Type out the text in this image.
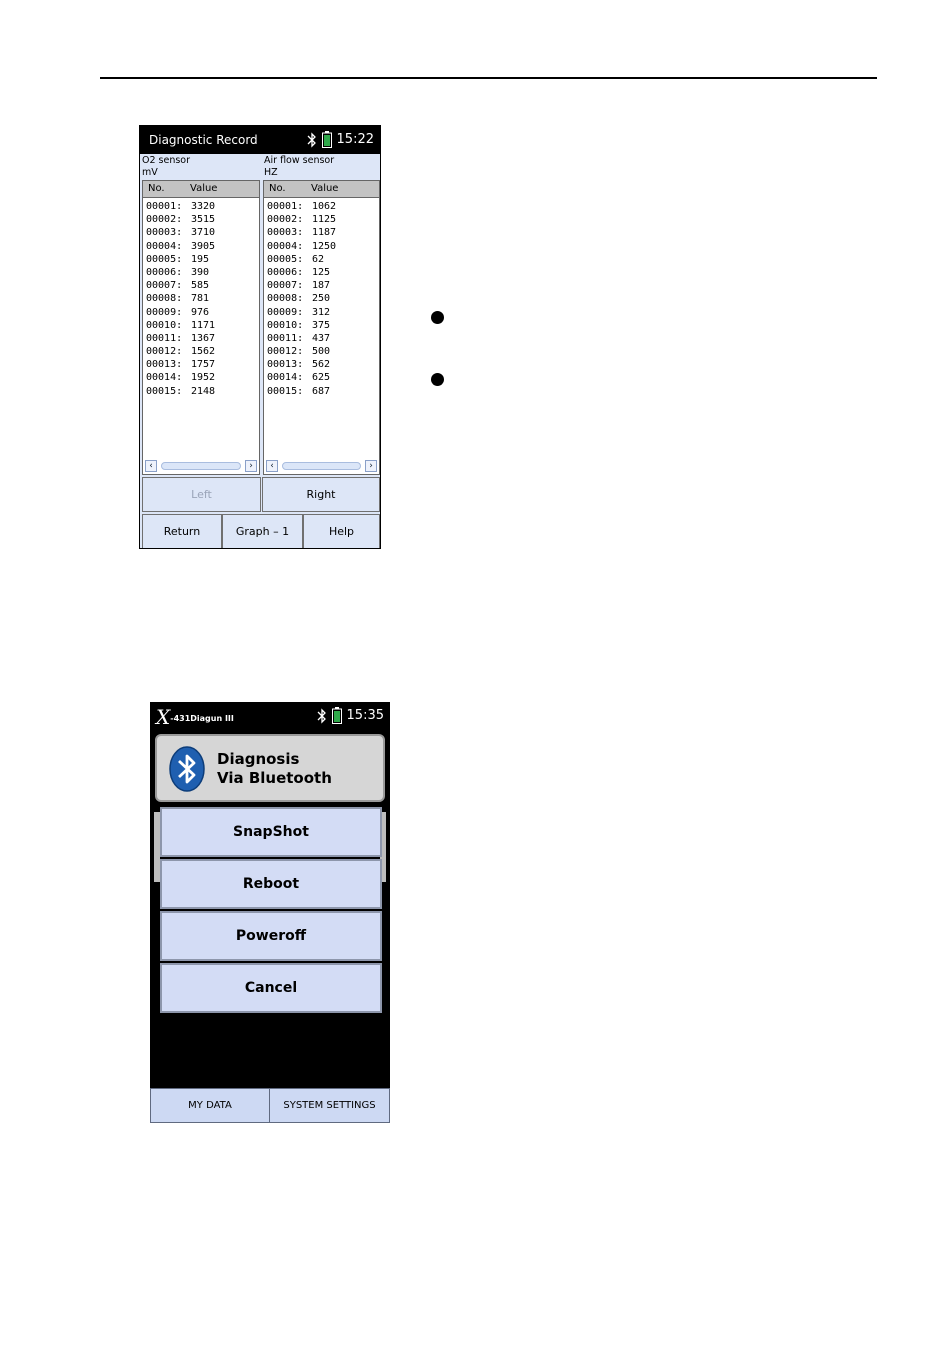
Diagnostic Record
	15:22
O2 sensor
mV
Air flow sensor
HZ
No.	Value
00001: 3320
00002: 3515
00003: 3710
00004: 3905
00005: 195
00006: 390
00007: 585
00008: 781
00009: 976
00010: 1171
00011: 1367
00012: 1562
00013: 1757
00014: 1952
00015: 2148
‹	›
No.	Value
00001: 1062
00002: 1125
00003: 1187
00004: 1250
00005: 62
00006: 125
00007: 187
00008: 250
00009: 312
00010: 375
00011: 437
00012: 500
00013: 562
00014: 625
00015: 687
‹	›
Left	Right
Return	Graph – 1	Help
X-431Diagun III
	15:35
Diagnosis
Via Bluetooth
SnapShot
Reboot
Poweroff
Cancel
MY DATA	SYSTEM SETTINGS
